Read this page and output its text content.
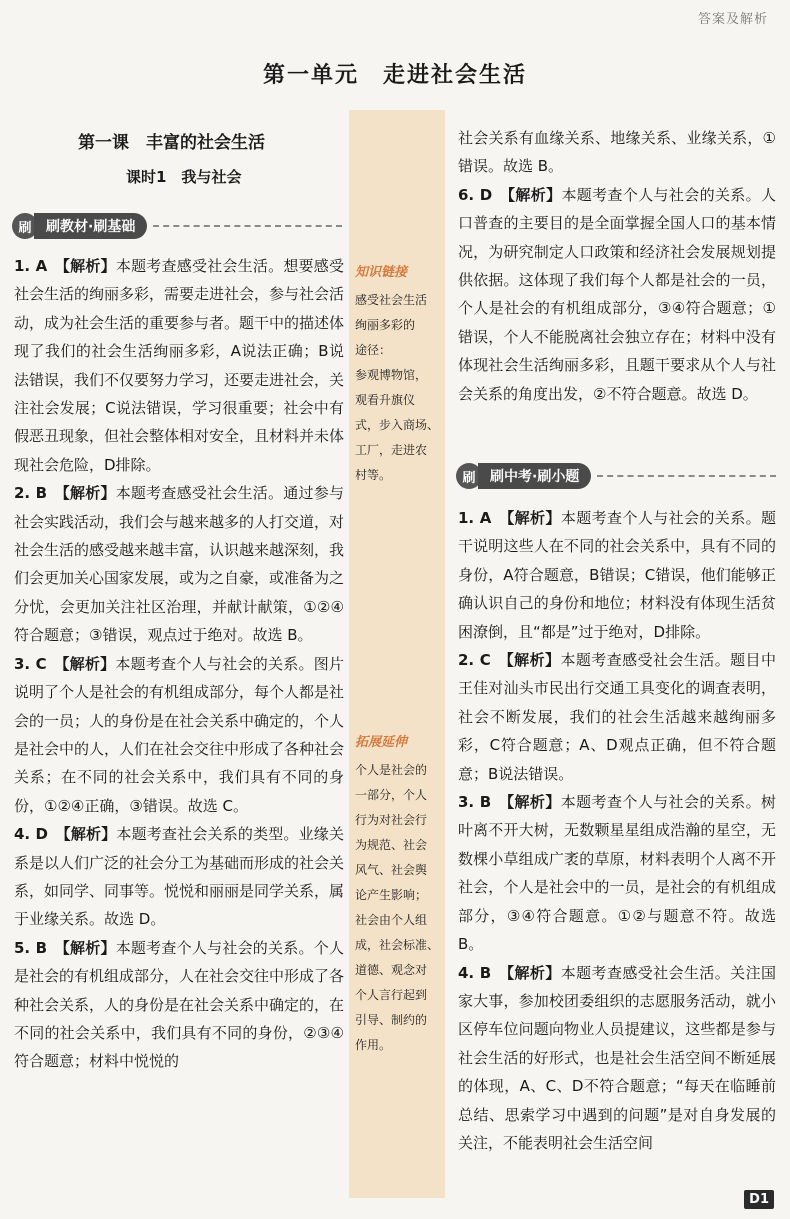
答案及解析
第一单元　走进社会生活
第一课　丰富的社会生活
课时1　我与社会
刷	刷教材·刷基础
刷	刷中考·刷小题
知识链接
感受社会生活
绚丽多彩的
途径：
参观博物馆，
观看升旗仪
式，步入商场、
工厂，走进农
村等。
拓展延伸
个人是社会的
一部分，个人
行为对社会行
为规范、社会
风气、社会舆
论产生影响；
社会由个人组
成，社会标准、
道德、观念对
个人言行起到
引导、制约的
作用。

1. A  【解析】本题考查感受社会生活。想要感受社会生活的绚丽多彩，需要走进社会，参与社会活动，成为社会生活的重要参与者。题干中的描述体现了我们的社会生活绚丽多彩，A说法正确；B说法错误，我们不仅要努力学习，还要走进社会，关注社会发展；C说法错误，学习很重要；社会中有假恶丑现象，但社会整体相对安全，且材料并未体现社会危险，D排除。

2. B  【解析】本题考查感受社会生活。通过参与社会实践活动，我们会与越来越多的人打交道，对社会生活的感受越来越丰富，认识越来越深刻，我们会更加关心国家发展，或为之自豪，或准备为之分忧，会更加关注社区治理，并献计献策，①②④符合题意；③错误，观点过于绝对。故选 B。

3. C  【解析】本题考查个人与社会的关系。图片说明了个人是社会的有机组成部分，每个人都是社会的一员；人的身份是在社会关系中确定的，个人是社会中的人，人们在社会交往中形成了各种社会关系；在不同的社会关系中，我们具有不同的身份，①②④正确，③错误。故选 C。

4. D  【解析】本题考查社会关系的类型。业缘关系是以人们广泛的社会分工为基础而形成的社会关系，如同学、同事等。悦悦和丽丽是同学关系，属于业缘关系。故选 D。

5. B  【解析】本题考查个人与社会的关系。个人是社会的有机组成部分，人在社会交往中形成了各种社会关系，人的身份是在社会关系中确定的，在不同的社会关系中，我们具有不同的身份，②③④符合题意；材料中悦悦的

社会关系有血缘关系、地缘关系、业缘关系，①错误。故选 B。

6. D  【解析】本题考查个人与社会的关系。人口普查的主要目的是全面掌握全国人口的基本情况，为研究制定人口政策和经济社会发展规划提供依据。这体现了我们每个人都是社会的一员，个人是社会的有机组成部分，③④符合题意；①错误，个人不能脱离社会独立存在；材料中没有体现社会生活绚丽多彩，且题干要求从个人与社会关系的角度出发，②不符合题意。故选 D。

1. A  【解析】本题考查个人与社会的关系。题干说明这些人在不同的社会关系中，具有不同的身份，A符合题意，B错误；C错误，他们能够正确认识自己的身份和地位；材料没有体现生活贫困潦倒，且“都是”过于绝对，D排除。

2. C  【解析】本题考查感受社会生活。题目中王佳对汕头市民出行交通工具变化的调查表明，社会不断发展，我们的社会生活越来越绚丽多彩，C符合题意；A、D观点正确，但不符合题意；B说法错误。

3. B  【解析】本题考查个人与社会的关系。树叶离不开大树，无数颗星星组成浩瀚的星空，无数棵小草组成广袤的草原，材料表明个人离不开社会，个人是社会中的一员，是社会的有机组成部分，③④符合题意。①②与题意不符。故选 B。

4. B  【解析】本题考查感受社会生活。关注国家大事，参加校团委组织的志愿服务活动，就小区停车位问题向物业人员提建议，这些都是参与社会生活的好形式，也是社会生活空间不断延展的体现，A、C、D不符合题意；“每天在临睡前总结、思索学习中遇到的问题”是对自身发展的关注，不能表明社会生活空间

D1
